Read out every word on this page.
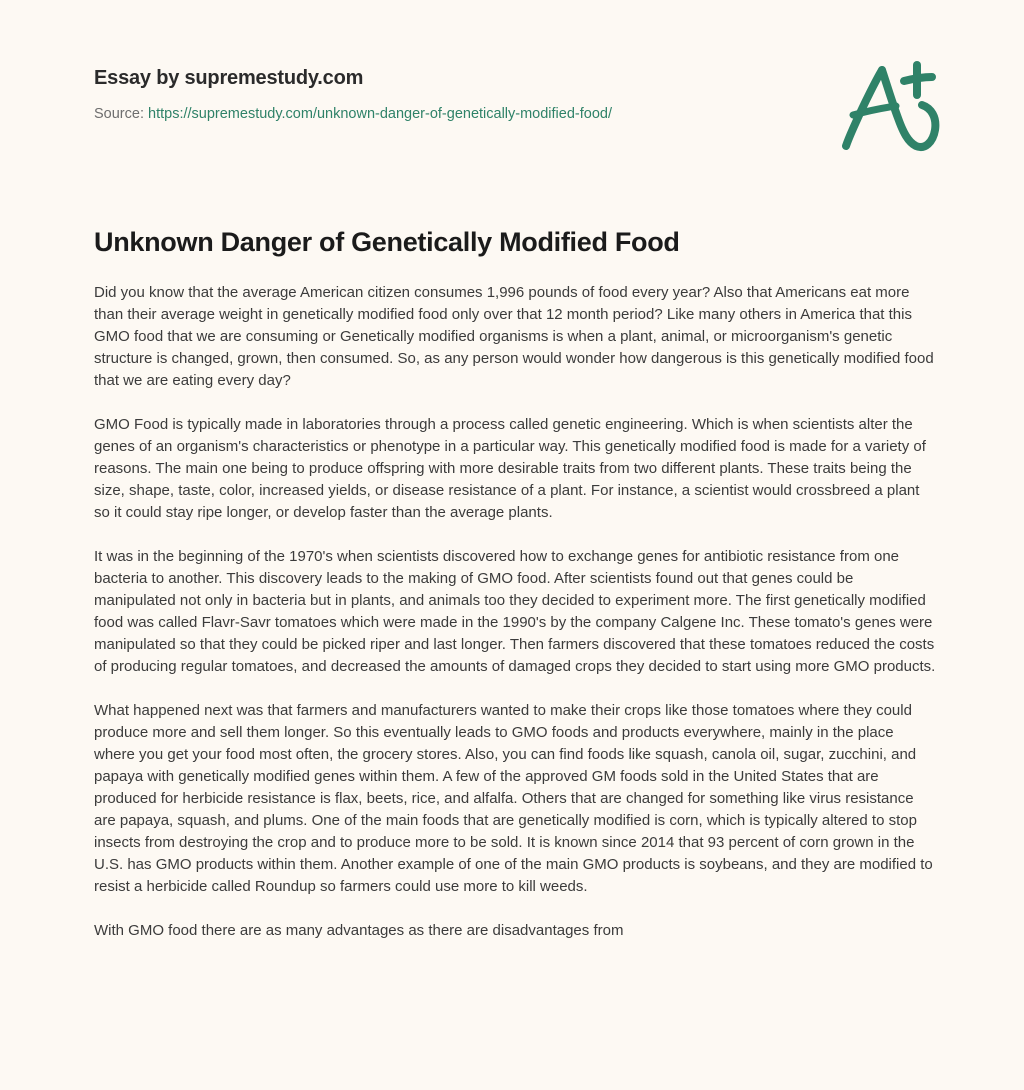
Essay by supremestudy.com
Source: https://supremestudy.com/unknown-danger-of-genetically-modified-food/
Unknown Danger of Genetically Modified Food

Did you know that the average American citizen consumes 1,996 pounds of food every year? Also that Americans eat more than their average weight in genetically modified food only over that 12 month period? Like many others in America that this GMO food that we are consuming or Genetically modified organisms is when a plant, animal, or microorganism's genetic structure is changed, grown, then consumed. So, as any person would wonder how dangerous is this genetically modified food that we are eating every day?

GMO Food is typically made in laboratories through a process called genetic engineering. Which is when scientists alter the genes of an organism's characteristics or phenotype in a particular way. This genetically modified food is made for a variety of reasons. The main one being to produce offspring with more desirable traits from two different plants. These traits being the size, shape, taste, color, increased yields, or disease resistance of a plant. For instance, a scientist would crossbreed a plant so it could stay ripe longer, or develop faster than the average plants.

It was in the beginning of the 1970's when scientists discovered how to exchange genes for antibiotic resistance from one bacteria to another. This discovery leads to the making of GMO food. After scientists found out that genes could be manipulated not only in bacteria but in plants, and animals too they decided to experiment more. The first genetically modified food was called Flavr-Savr tomatoes which were made in the 1990's by the company Calgene Inc. These tomato's genes were manipulated so that they could be picked riper and last longer. Then farmers discovered that these tomatoes reduced the costs of producing regular tomatoes, and decreased the amounts of damaged crops they decided to start using more GMO products.

What happened next was that farmers and manufacturers wanted to make their crops like those tomatoes where they could produce more and sell them longer. So this eventually leads to GMO foods and products everywhere, mainly in the place where you get your food most often, the grocery stores. Also, you can find foods like squash, canola oil, sugar, zucchini, and papaya with genetically modified genes within them. A few of the approved GM foods sold in the United States that are produced for herbicide resistance is flax, beets, rice, and alfalfa. Others that are changed for something like virus resistance are papaya, squash, and plums. One of the main foods that are genetically modified is corn, which is typically altered to stop insects from destroying the crop and to produce more to be sold. It is known since 2014 that 93 percent of corn grown in the U.S. has GMO products within them. Another example of one of the main GMO products is soybeans, and they are modified to resist a herbicide called Roundup so farmers could use more to kill weeds.

With GMO food there are as many advantages as there are disadvantages from
